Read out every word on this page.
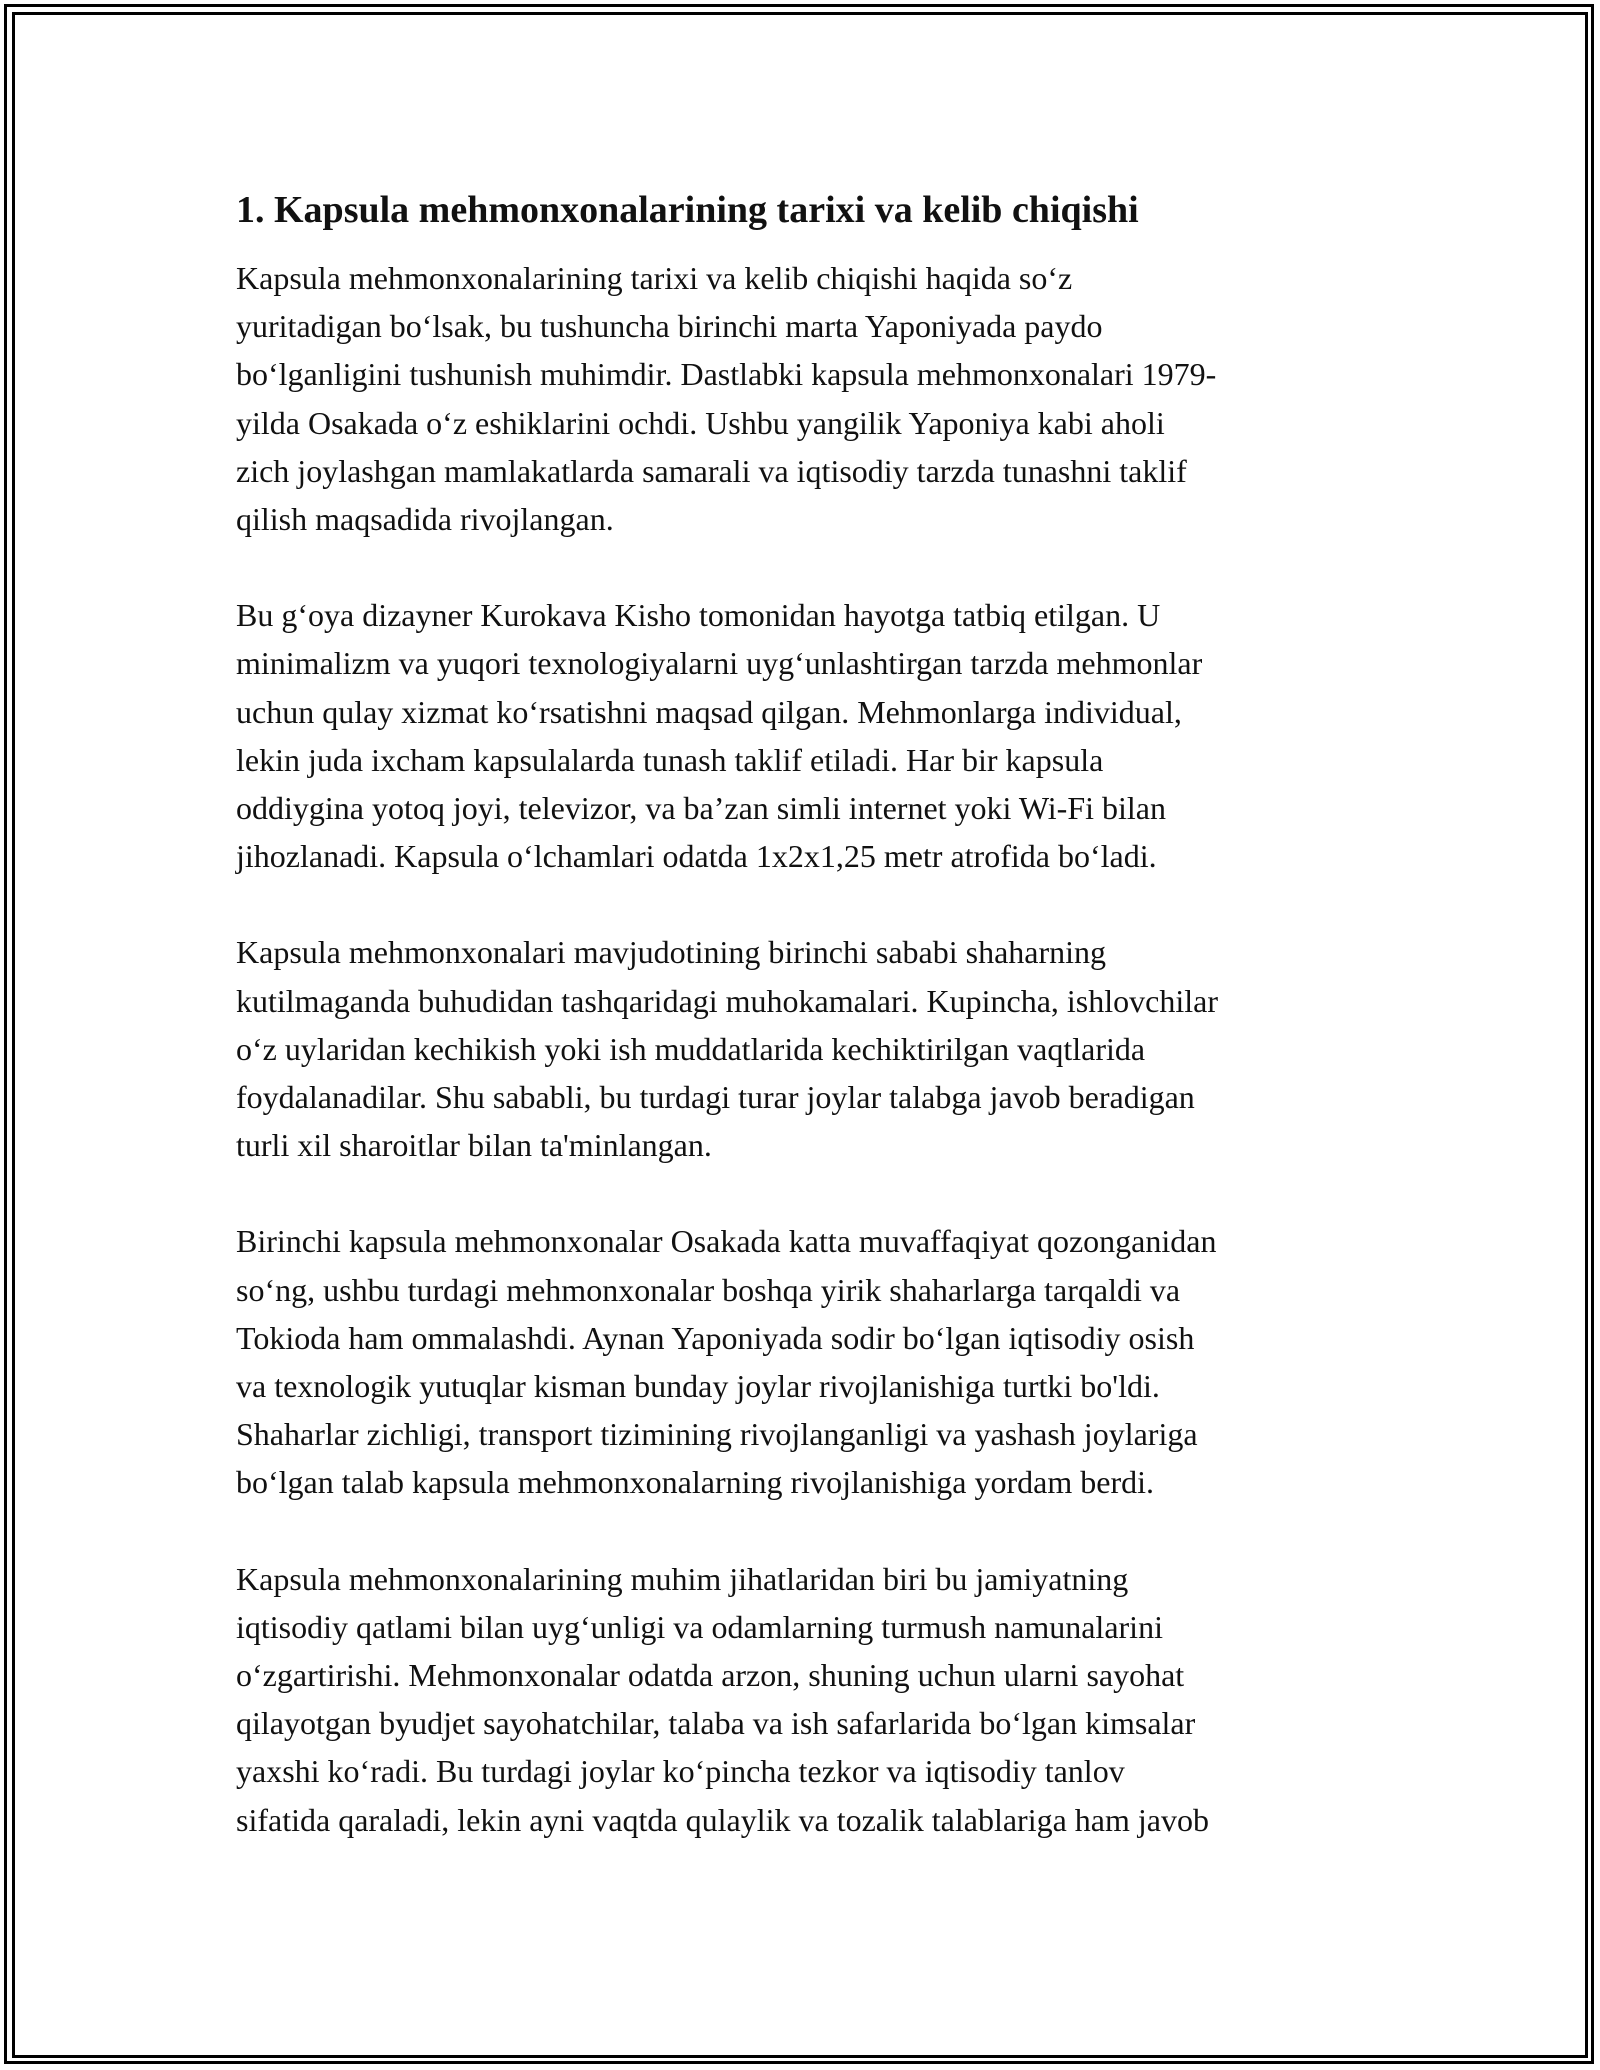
1. Kapsula mehmonxonalarining tarixi va kelib chiqishi

Kapsula mehmonxonalarining tarixi va kelib chiqishi haqida so‘z
yuritadigan bo‘lsak, bu tushuncha birinchi marta Yaponiyada paydo
bo‘lganligini tushunish muhimdir. Dastlabki kapsula mehmonxonalari 1979-
yilda Osakada o‘z eshiklarini ochdi. Ushbu yangilik Yaponiya kabi aholi
zich joylashgan mamlakatlarda samarali va iqtisodiy tarzda tunashni taklif
qilish maqsadida rivojlangan.

Bu g‘oya dizayner Kurokava Kisho tomonidan hayotga tatbiq etilgan. U
minimalizm va yuqori texnologiyalarni uyg‘unlashtirgan tarzda mehmonlar
uchun qulay xizmat ko‘rsatishni maqsad qilgan. Mehmonlarga individual,
lekin juda ixcham kapsulalarda tunash taklif etiladi. Har bir kapsula
oddiygina yotoq joyi, televizor, va ba’zan simli internet yoki Wi-Fi bilan
jihozlanadi. Kapsula o‘lchamlari odatda 1x2x1,25 metr atrofida bo‘ladi.

Kapsula mehmonxonalari mavjudotining birinchi sababi shaharning
kutilmaganda buhudidan tashqaridagi muhokamalari. Kupincha, ishlovchilar
o‘z uylaridan kechikish yoki ish muddatlarida kechiktirilgan vaqtlarida
foydalanadilar. Shu sababli, bu turdagi turar joylar talabga javob beradigan
turli xil sharoitlar bilan ta'minlangan.

Birinchi kapsula mehmonxonalar Osakada katta muvaffaqiyat qozonganidan
so‘ng, ushbu turdagi mehmonxonalar boshqa yirik shaharlarga tarqaldi va
Tokioda ham ommalashdi. Aynan Yaponiyada sodir bo‘lgan iqtisodiy osish
va texnologik yutuqlar kisman bunday joylar rivojlanishiga turtki bo'ldi.
Shaharlar zichligi, transport tizimining rivojlanganligi va yashash joylariga
bo‘lgan talab kapsula mehmonxonalarning rivojlanishiga yordam berdi.

Kapsula mehmonxonalarining muhim jihatlaridan biri bu jamiyatning
iqtisodiy qatlami bilan uyg‘unligi va odamlarning turmush namunalarini
o‘zgartirishi. Mehmonxonalar odatda arzon, shuning uchun ularni sayohat
qilayotgan byudjet sayohatchilar, talaba va ish safarlarida bo‘lgan kimsalar
yaxshi ko‘radi. Bu turdagi joylar ko‘pincha tezkor va iqtisodiy tanlov
sifatida qaraladi, lekin ayni vaqtda qulaylik va tozalik talablariga ham javob
